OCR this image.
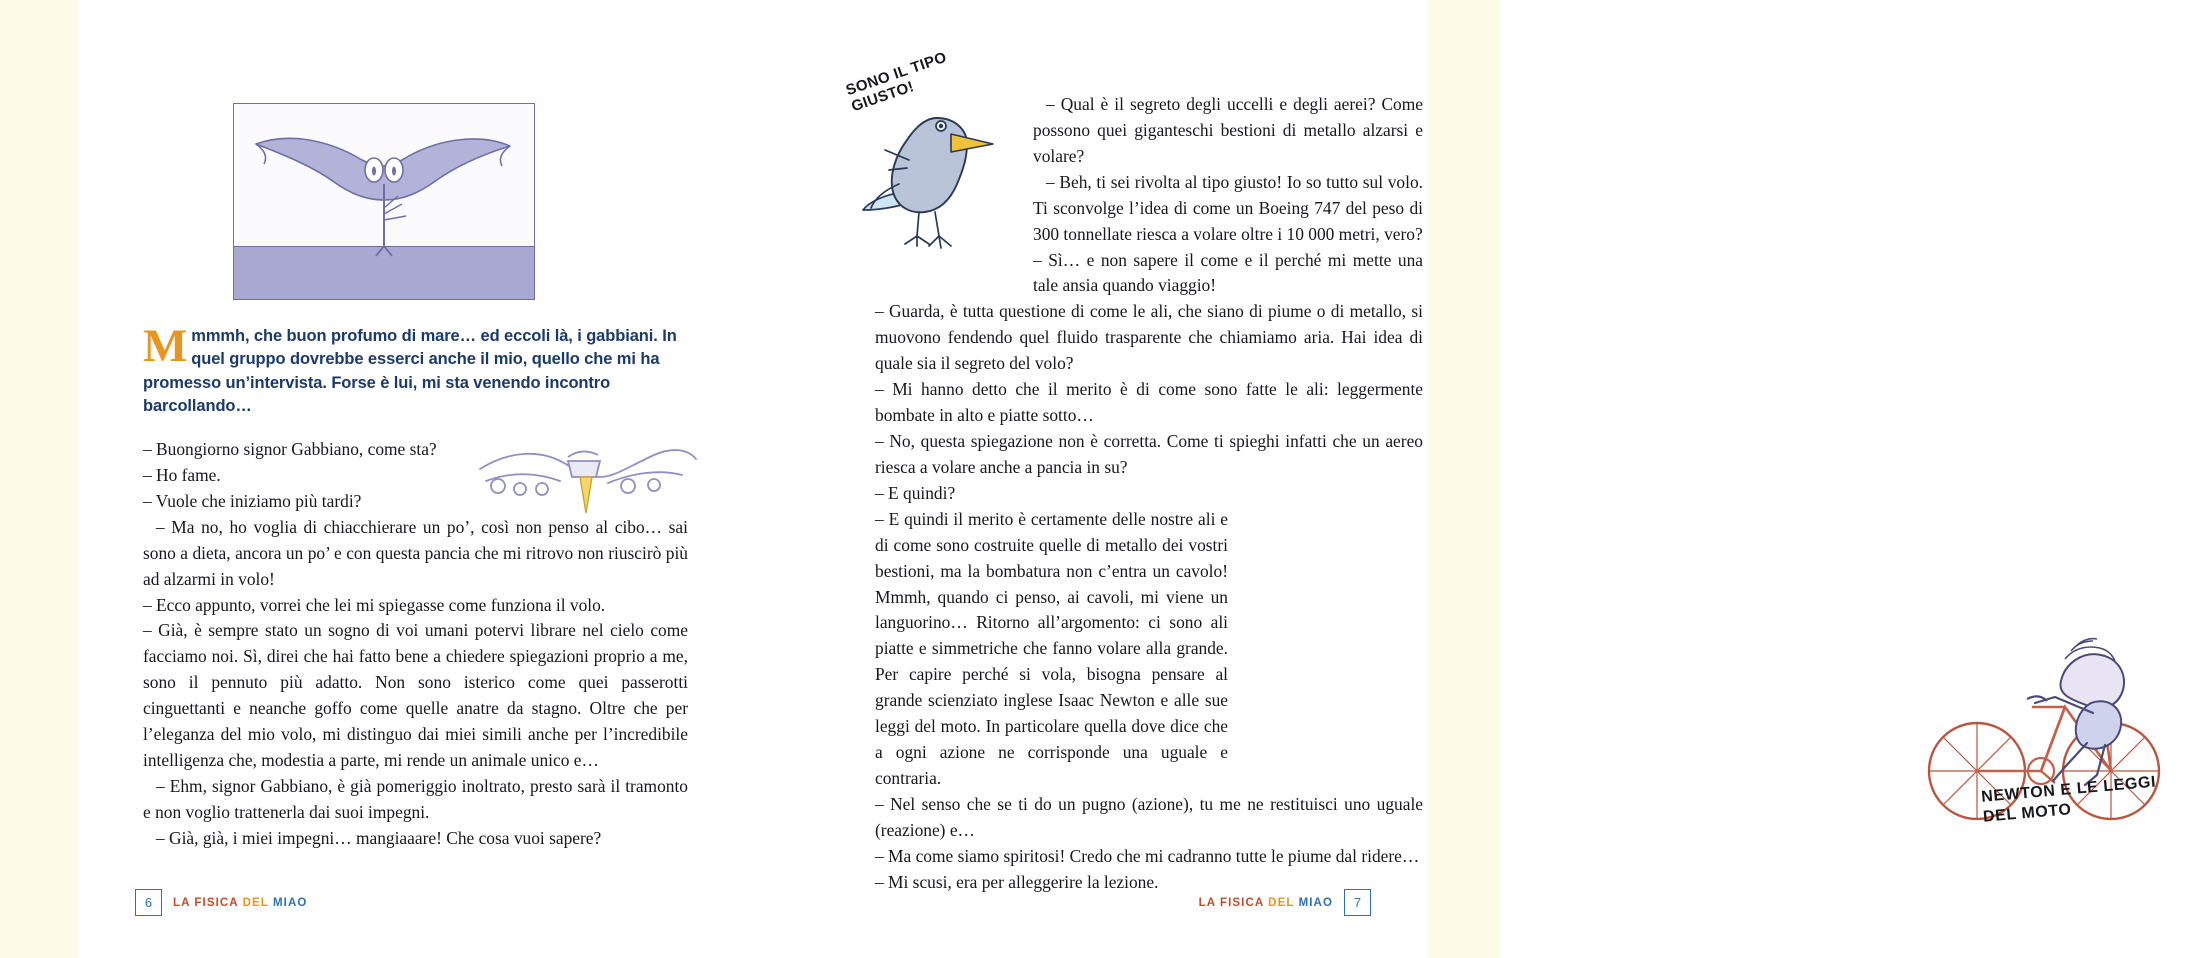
Mmmmh, che buon profumo di mare… ed eccoli là, i gabbiani. In quel gruppo dovrebbe esserci anche il mio, quello che mi ha promesso un’intervista. Forse è lui, mi sta venendo incontro barcollando…

– Buongiorno signor Gabbiano, come sta?

– Ho fame.

– Vuole che iniziamo più tardi?

– Ma no, ho voglia di chiacchierare un po’, così non penso al cibo… sai sono a dieta, ancora un po’ e con questa pancia che mi ritrovo non riuscirò più ad alzarmi in volo!

– Ecco appunto, vorrei che lei mi spiegasse come funziona il volo.

– Già, è sempre stato un sogno di voi umani potervi librare nel cielo come facciamo noi. Sì, direi che hai fatto bene a chiedere spiegazioni proprio a me, sono il pennuto più adatto. Non sono isterico come quei passerotti cinguettanti e neanche goffo come quelle anatre da stagno. Oltre che per l’eleganza del mio volo, mi distinguo dai miei simili anche per l’incredibile intelligenza che, modestia a parte, mi rende un animale unico e…

– Ehm, signor Gabbiano, è già pomeriggio inoltrato, presto sarà il tramonto e non voglio trattenerla dai suoi impegni.

– Già, già, i miei impegni… mangiaaare! Che cosa vuoi sapere?

6	LA FISICA DEL MIAO
SONO IL TIPO GIUSTO!
NEWTON E LE LEGGI DEL MOTO

– Qual è il segreto degli uccelli e degli aerei? Come possono quei giganteschi bestioni di metallo alzarsi e volare?

– Beh, ti sei rivolta al tipo giusto! Io so tutto sul volo. Ti sconvolge l’idea di come un Boeing 747 del peso di 300 tonnellate riesca a volare oltre i 10 000 metri, vero?

– Sì… e non sapere il come e il perché mi mette una tale ansia quando viaggio!

– Guarda, è tutta questione di come le ali, che siano di piume o di metallo, si muovono fendendo quel fluido trasparente che chiamiamo aria. Hai idea di quale sia il segreto del volo?

– Mi hanno detto che il merito è di come sono fatte le ali: leggermente bombate in alto e piatte sotto…

– No, questa spiegazione non è corretta. Come ti spieghi infatti che un aereo riesca a volare anche a pancia in su?

– E quindi?

– E quindi il merito è certamente delle nostre ali e di come sono costruite quelle di metallo dei vostri bestioni, ma la bombatura non c’entra un cavolo! Mmmh, quando ci penso, ai cavoli, mi viene un languorino… Ritorno all’argomento: ci sono ali piatte e simmetriche che fanno volare alla grande. Per capire perché si vola, bisogna pensare al grande scienziato inglese Isaac Newton e alle sue leggi del moto. In particolare quella dove dice che a ogni azione ne corrisponde una uguale e contraria.

– Nel senso che se ti do un pugno (azione), tu me ne restituisci uno uguale (reazione) e…

– Ma come siamo spiritosi! Credo che mi cadranno tutte le piume dal ridere…

– Mi scusi, era per alleggerire la lezione.

7
LA FISICA DEL MIAO
